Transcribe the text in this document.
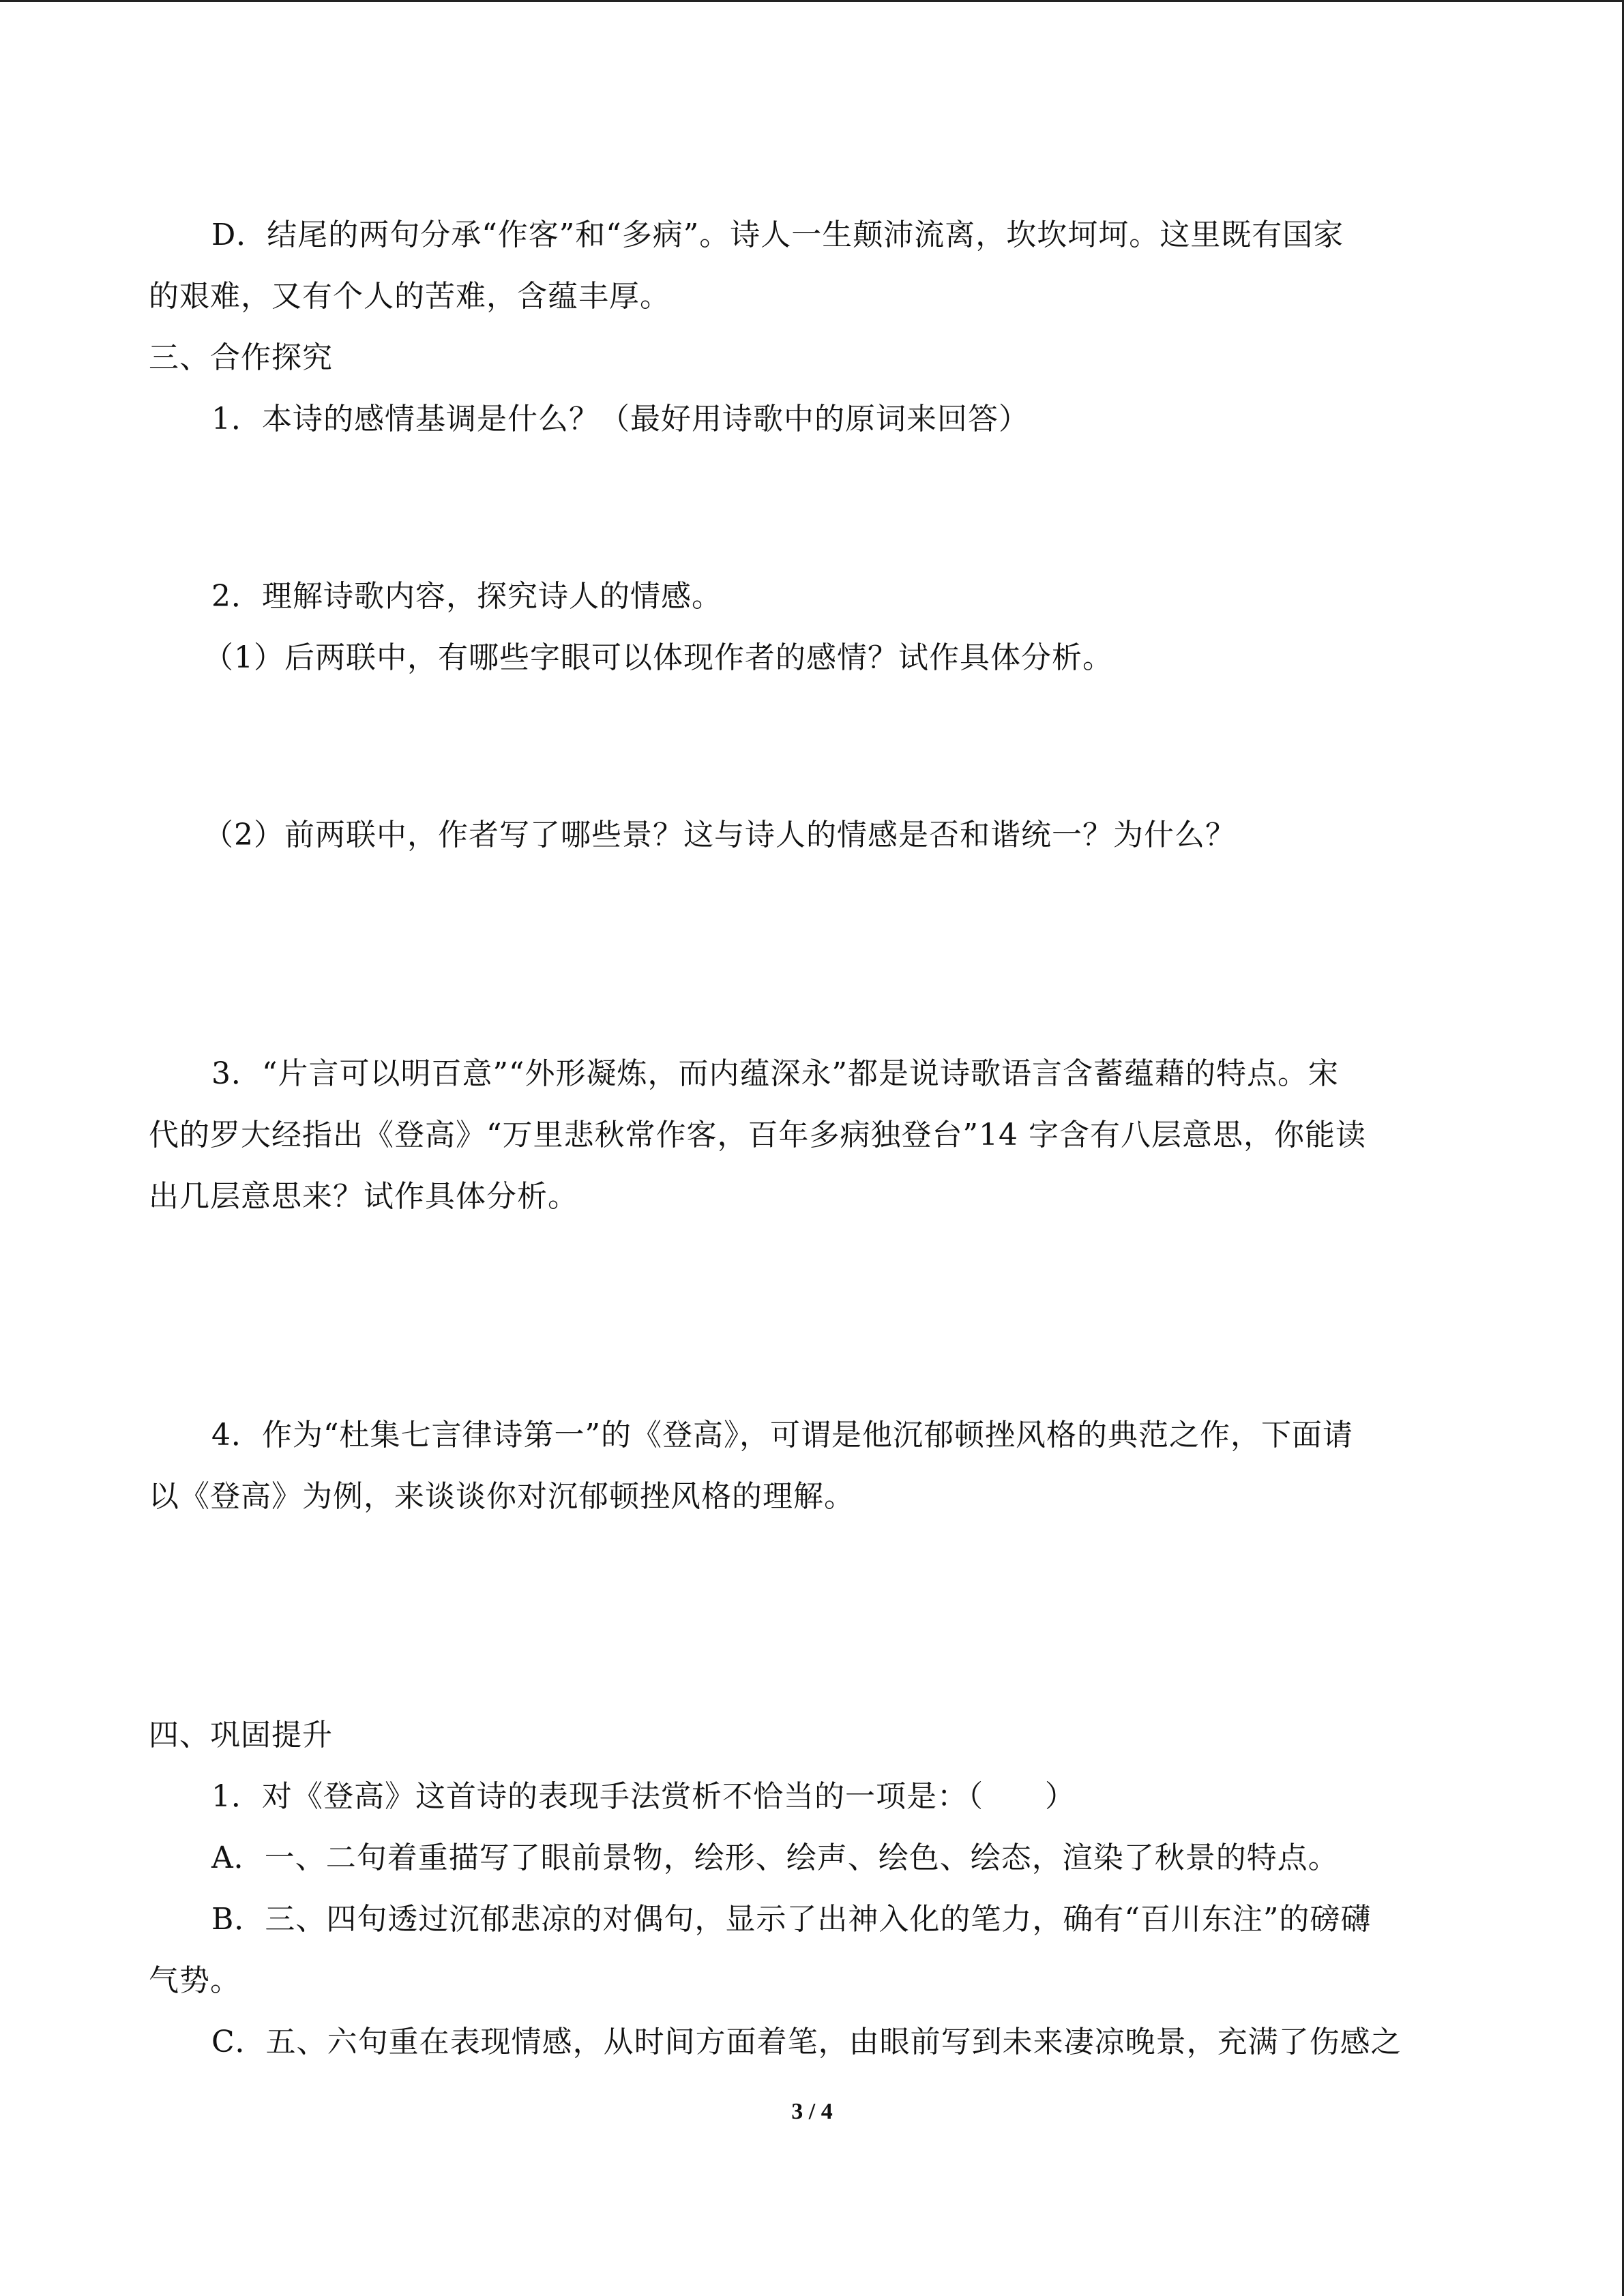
D．结尾的两句分承“作客”和“多病”。诗人一生颠沛流离，坎坎坷坷。这里既有国家
的艰难，又有个人的苦难，含蕴丰厚。
三、合作探究
1．本诗的感情基调是什么？（最好用诗歌中的原词来回答）
2．理解诗歌内容，探究诗人的情感。
（1）后两联中，有哪些字眼可以体现作者的感情？试作具体分析。
（2）前两联中，作者写了哪些景？这与诗人的情感是否和谐统一？为什么？
3．“片言可以明百意”“外形凝炼，而内蕴深永”都是说诗歌语言含蓄蕴藉的特点。宋
代的罗大经指出《登高》“万里悲秋常作客，百年多病独登台”14 字含有八层意思，你能读
出几层意思来？试作具体分析。
4．作为“杜集七言律诗第一”的《登高》，可谓是他沉郁顿挫风格的典范之作，下面请
以《登高》为例，来谈谈你对沉郁顿挫风格的理解。
四、巩固提升
1．对《登高》这首诗的表现手法赏析不恰当的一项是：（　　）
A．一、二句着重描写了眼前景物，绘形、绘声、绘色、绘态，渲染了秋景的特点。
B．三、四句透过沉郁悲凉的对偶句，显示了出神入化的笔力，确有“百川东注”的磅礴
气势。
C．五、六句重在表现情感，从时间方面着笔，由眼前写到未来凄凉晚景，充满了伤感之
3 / 4
